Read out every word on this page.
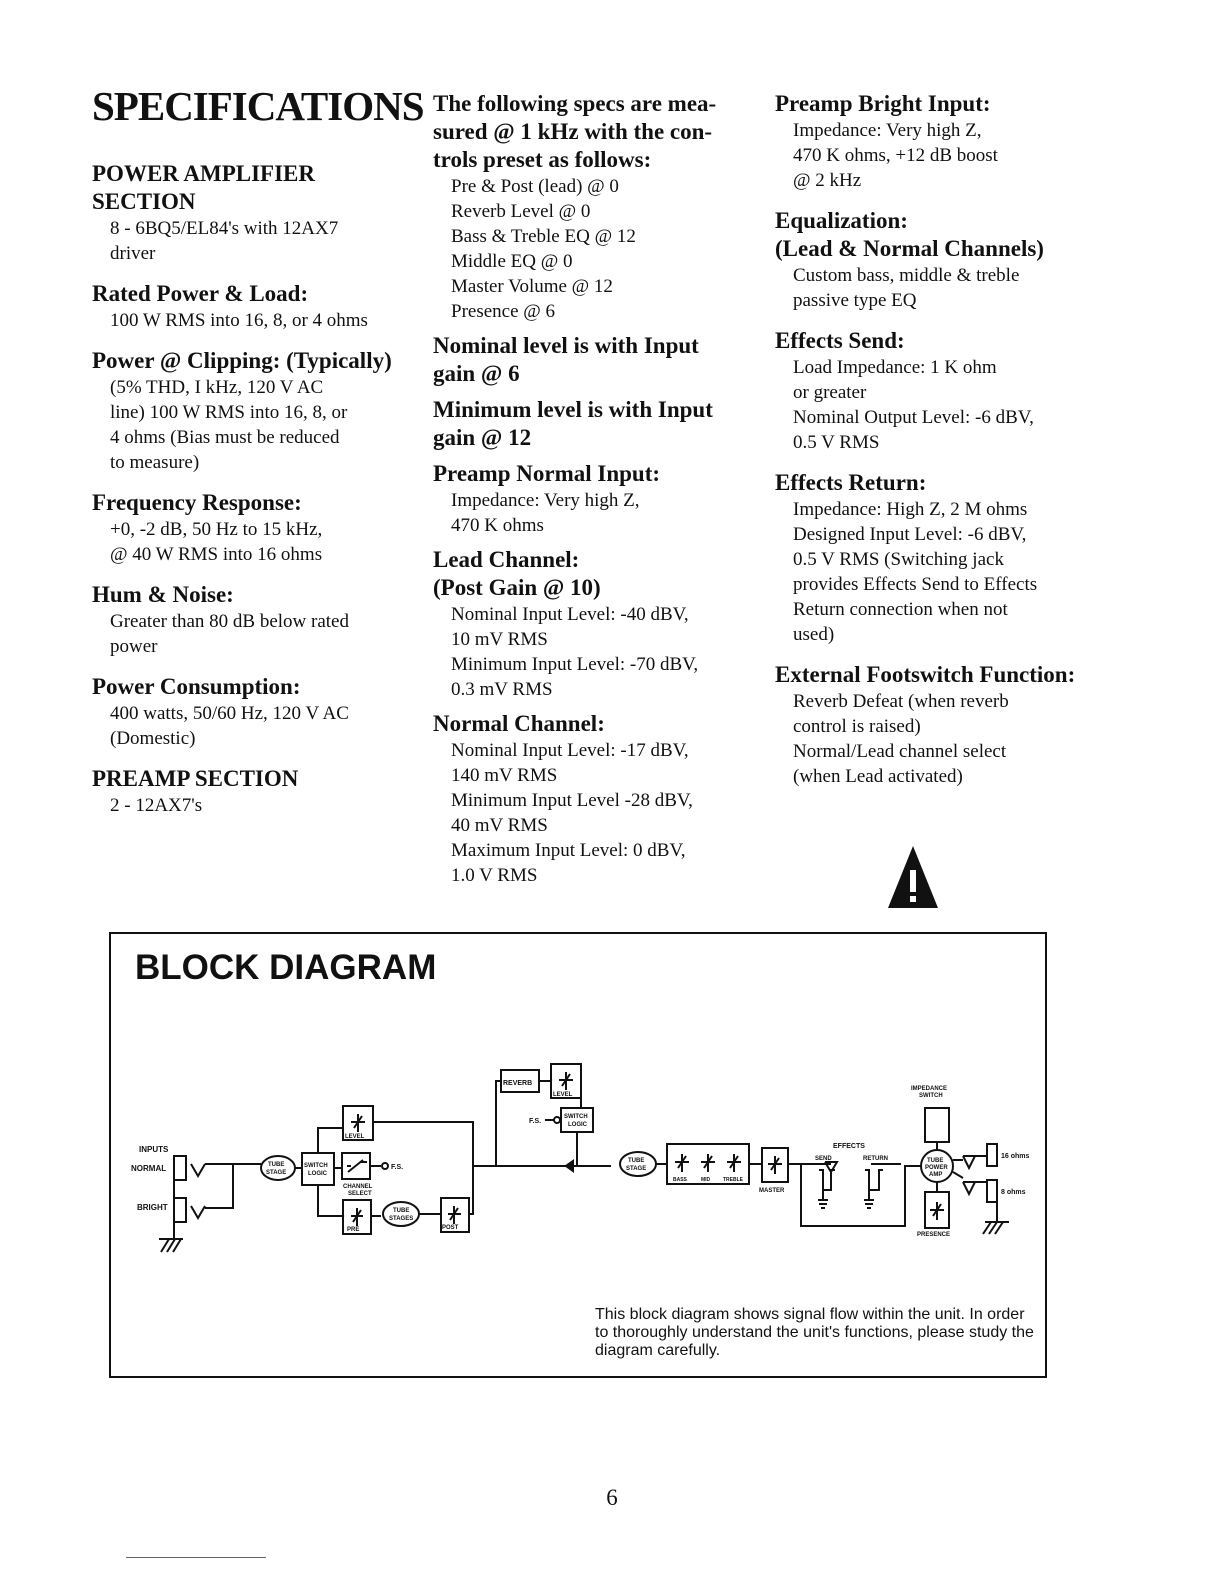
SPECIFICATIONS
POWER AMPLIFIER SECTION
8 - 6BQ5/EL84's with 12AX7
driver
Rated Power & Load:
100 W RMS into 16, 8, or 4 ohms
Power @ Clipping: (Typically)
(5% THD, I kHz, 120 V AC
line) 100 W RMS into 16, 8, or
4 ohms (Bias must be reduced
to measure)
Frequency Response:
+0, -2 dB, 50 Hz to 15 kHz,
@ 40 W RMS into 16 ohms
Hum & Noise:
Greater than 80 dB below rated
power
Power Consumption:
400 watts, 50/60 Hz, 120 V AC
(Domestic)
PREAMP SECTION
2 - 12AX7's
The following specs are mea-
sured @ 1 kHz with the con-
trols preset as follows:
Pre & Post (lead) @ 0
Reverb Level @ 0
Bass & Treble EQ @ 12
Middle EQ @ 0
Master Volume @ 12
Presence @ 6
Nominal level is with Input
gain @ 6
Minimum level is with Input
gain @ 12
Preamp Normal Input:
Impedance: Very high Z,
470 K ohms
Lead Channel:
(Post Gain @ 10)
Nominal Input Level: -40 dBV,
10 mV RMS
Minimum Input Level: -70 dBV,
0.3 mV RMS
Normal Channel:
Nominal Input Level: -17 dBV,
140 mV RMS
Minimum Input Level -28 dBV,
40 mV RMS
Maximum Input Level: 0 dBV,
1.0 V RMS
Preamp Bright Input:
Impedance: Very high Z,
470 K ohms, +12 dB boost
@ 2 kHz
Equalization:
(Lead & Normal Channels)
Custom bass, middle & treble
passive type EQ
Effects Send:
Load Impedance: 1 K ohm
or greater
Nominal Output Level: -6 dBV,
0.5 V RMS
Effects Return:
Impedance: High Z, 2 M ohms
Designed Input Level: -6 dBV,
0.5 V RMS (Switching jack
provides Effects Send to Effects
Return connection when not
used)
External Footswitch Function:
Reverb Defeat (when reverb
control is raised)
Normal/Lead channel select
(when Lead activated)
BLOCK DIAGRAM
INPUTS
NORMAL
BRIGHT
TUBE
STAGE
SWITCH
LOGIC
CHANNEL
SELECT
F.S.
LEVEL
PRE
TUBE
STAGES
POST
REVERB
LEVEL
F.S.
SWITCH
LOGIC
TUBE
STAGE
BASS	MID	TREBLE
MASTER
EFFECTS
SEND	RETURN	TUBE
POWER
AMP
IMPEDANCE
SWITCH
PRESENCE
16 ohms
8 ohms
This block diagram shows signal flow within the unit. In order to thoroughly understand the unit's functions, please study the diagram carefully.
6
